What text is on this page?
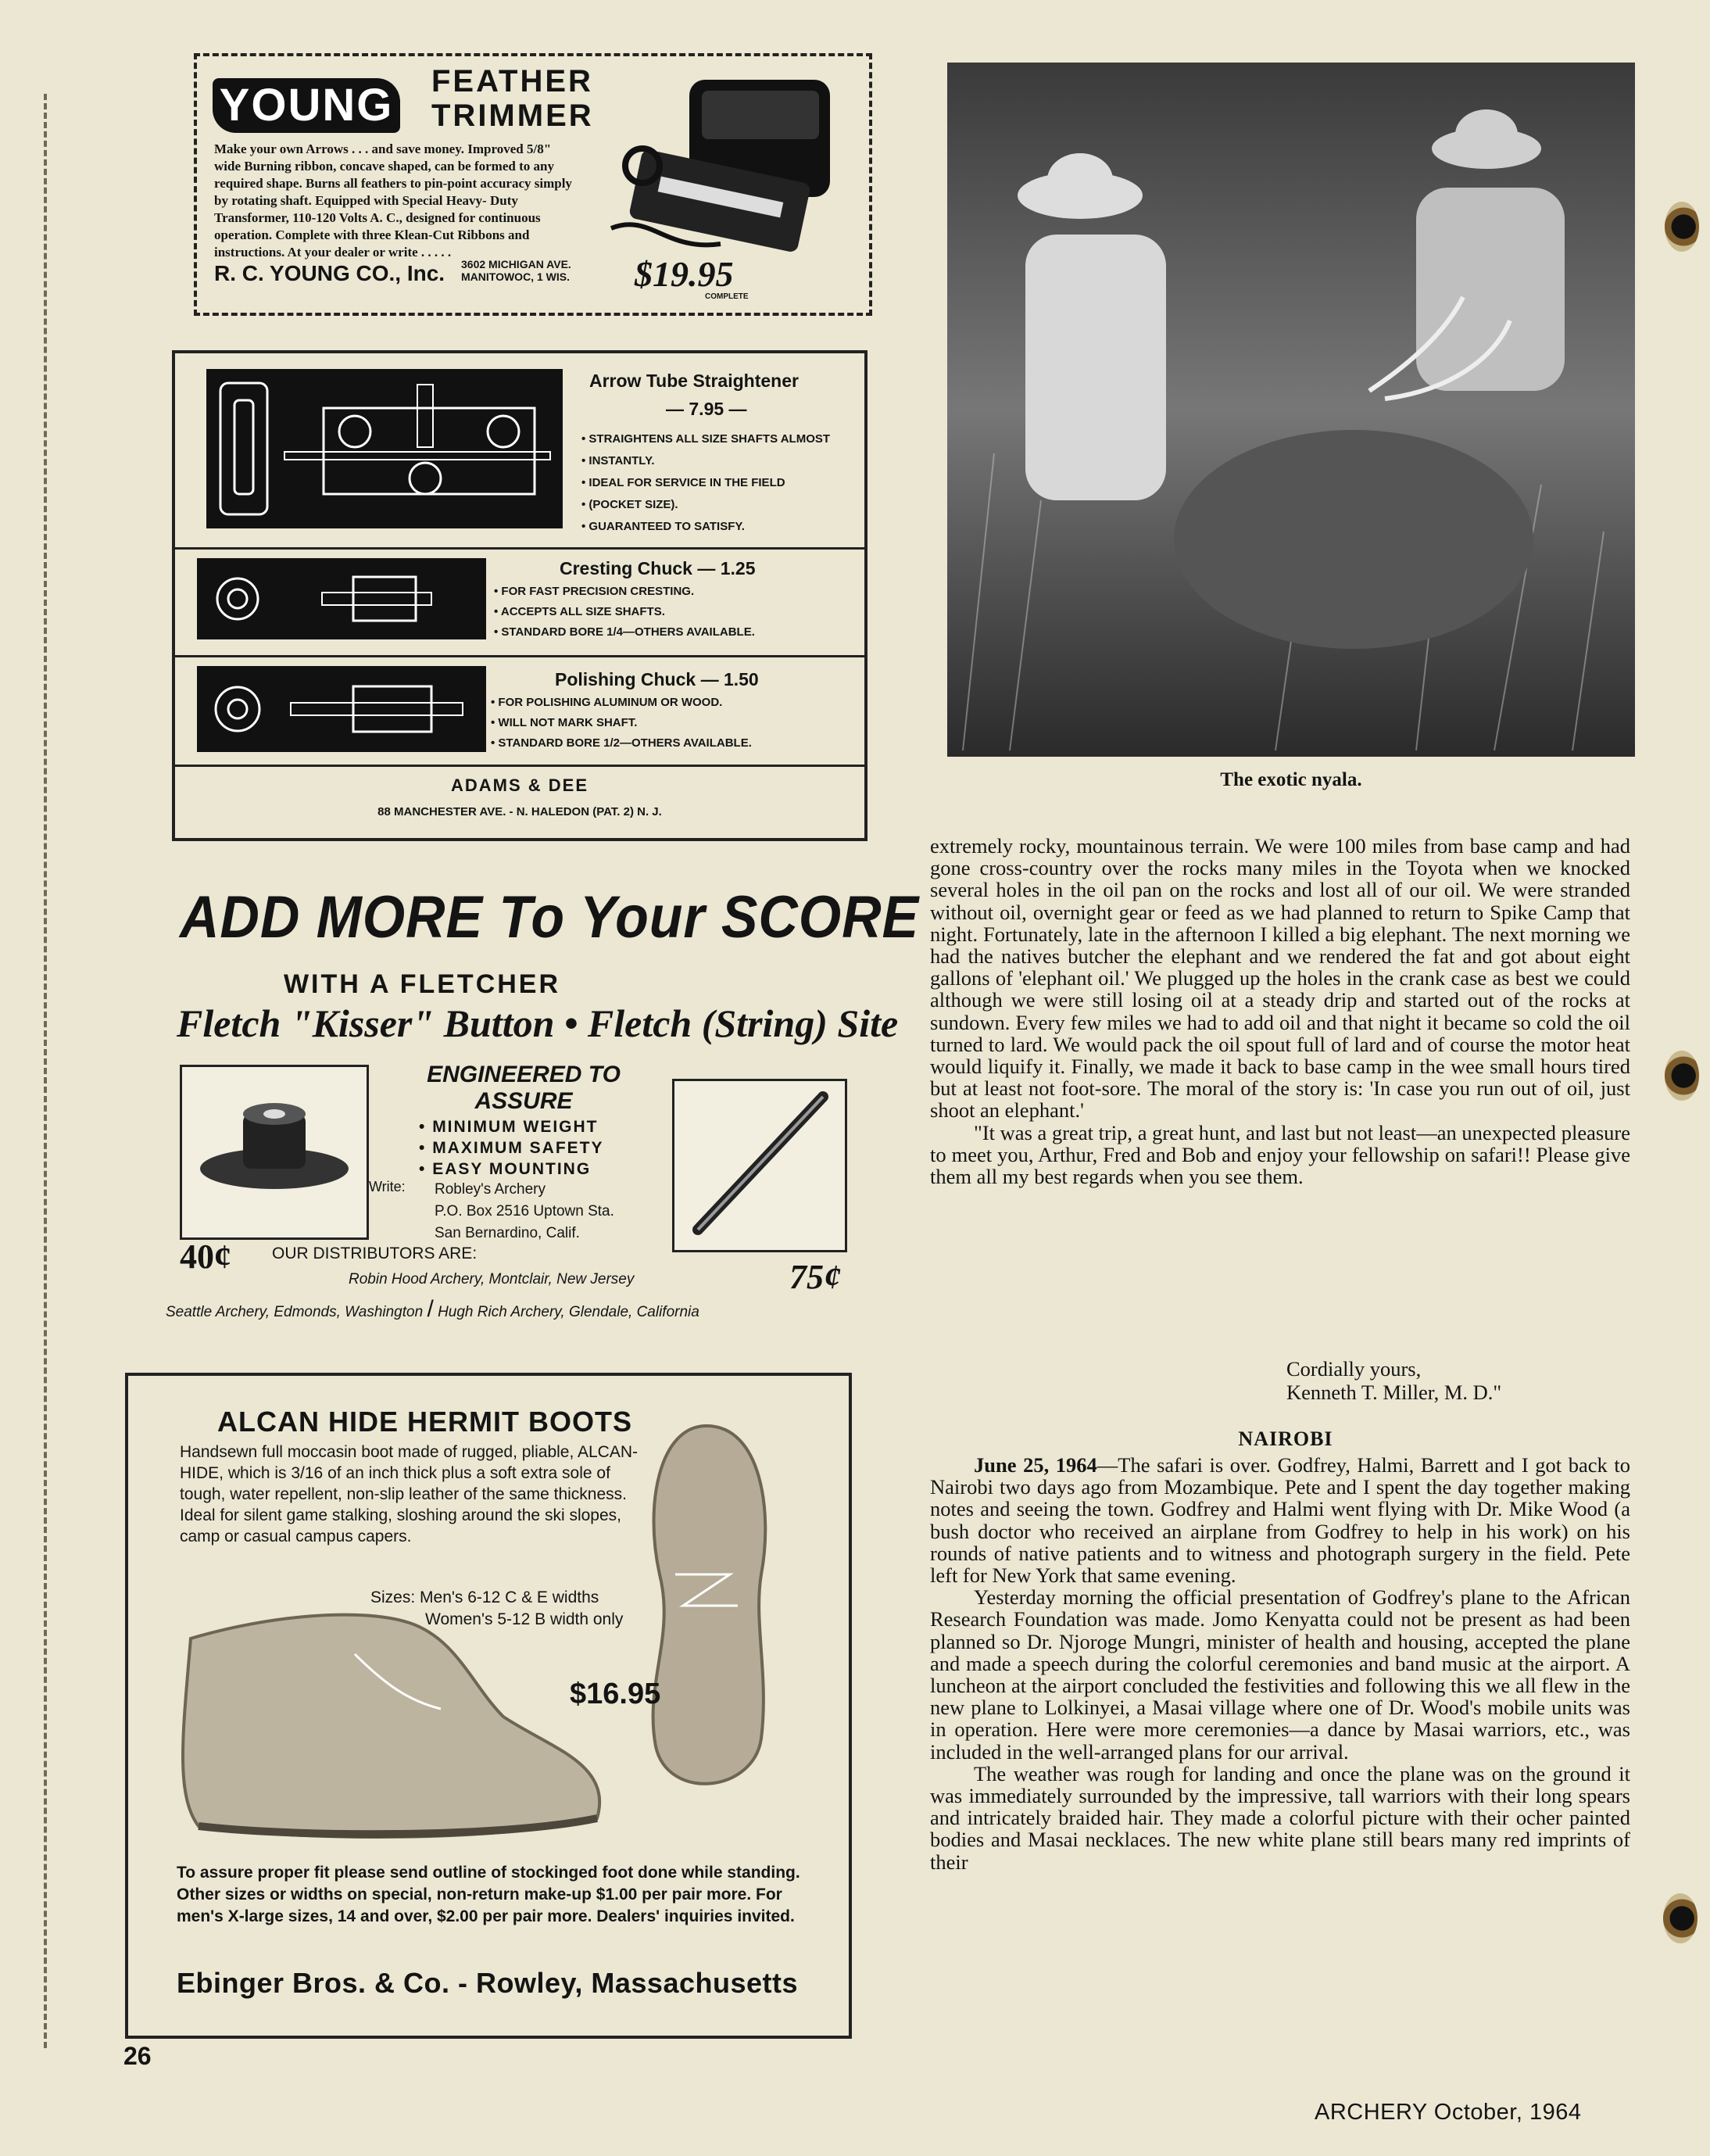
YOUNG FEATHER
TRIMMER
Make your own Arrows . . . and save money. Improved 5/8" wide Burning ribbon, concave shaped, can be formed to any required shape. Burns all feathers to pin-point accuracy simply by rotating shaft. Equipped with Special Heavy- Duty Transformer, 110-120 Volts A. C., designed for continuous operation. Complete with three Klean-Cut Ribbons and instructions. At your dealer or write . . . . .
R. C. YOUNG CO., Inc. 3602 MICHIGAN AVE.
MANITOWOC, 1 WIS. $19.95
COMPLETE
Arrow Tube Straightener
— 7.95 —
• STRAIGHTENS ALL SIZE SHAFTS ALMOST
• INSTANTLY.
• IDEAL FOR SERVICE IN THE FIELD
• (POCKET SIZE).
• GUARANTEED TO SATISFY.
Cresting Chuck — 1.25
• FOR FAST PRECISION CRESTING.
• ACCEPTS ALL SIZE SHAFTS.
• STANDARD BORE 1/4—OTHERS AVAILABLE.
Polishing Chuck — 1.50
• FOR POLISHING ALUMINUM OR WOOD.
• WILL NOT MARK SHAFT.
• STANDARD BORE 1/2—OTHERS AVAILABLE.
ADAMS & DEE
88 MANCHESTER AVE. - N. HALEDON (PAT. 2) N. J.
ADD MORE To Your SCORE
WITH A FLETCHER
Fletch "Kisser" Button • Fletch (String) Site
ENGINEERED TO ASSURE
• MINIMUM WEIGHT
• MAXIMUM SAFETY
• EASY MOUNTING
Write: Robley's Archery
P.O. Box 2516 Uptown Sta.
San Bernardino, Calif.
40¢
75¢
OUR DISTRIBUTORS ARE:
Robin Hood Archery, Montclair, New Jersey
Seattle Archery, Edmonds, Washington / Hugh Rich Archery, Glendale, California
ALCAN HIDE HERMIT BOOTS
Handsewn full moccasin boot made of rugged, pliable, ALCAN-HIDE, which is 3/16 of an inch thick plus a soft extra sole of tough, water repellent, non-slip leather of the same thickness. Ideal for silent game stalking, sloshing around the ski slopes, camp or casual campus capers.
Sizes: Men's 6-12 C & E widths
Women's 5-12 B width only
$16.95
To assure proper fit please send outline of stockinged foot done while standing. Other sizes or widths on special, non-return make-up $1.00 per pair more. For men's X-large sizes, 14 and over, $2.00 per pair more. Dealers' inquiries invited.
Ebinger Bros. & Co. - Rowley, Massachusetts
The exotic nyala.

extremely rocky, mountainous terrain. We were 100 miles from base camp and had gone cross-country over the rocks many miles in the Toyota when we knocked several holes in the oil pan on the rocks and lost all of our oil. We were stranded without oil, overnight gear or feed as we had planned to return to Spike Camp that night. Fortunately, late in the afternoon I killed a big elephant. The next morning we had the natives butcher the elephant and we rendered the fat and got about eight gallons of 'elephant oil.' We plugged up the holes in the crank case as best we could although we were still losing oil at a steady drip and started out of the rocks at sundown. Every few miles we had to add oil and that night it became so cold the oil turned to lard. We would pack the oil spout full of lard and of course the motor heat would liquify it. Finally, we made it back to base camp in the wee small hours tired but at least not foot-sore. The moral of the story is: 'In case you run out of oil, just shoot an elephant.'

"It was a great trip, a great hunt, and last but not least—an unexpected pleasure to meet you, Arthur, Fred and Bob and enjoy your fellowship on safari!! Please give them all my best regards when you see them.

Cordially yours,
Kenneth T. Miller, M. D."
NAIROBI

June 25, 1964—The safari is over. Godfrey, Halmi, Barrett and I got back to Nairobi two days ago from Mozambique. Pete and I spent the day together making notes and seeing the town. Godfrey and Halmi went flying with Dr. Mike Wood (a bush doctor who received an airplane from Godfrey to help in his work) on his rounds of native patients and to witness and photograph surgery in the field. Pete left for New York that same evening.

Yesterday morning the official presentation of Godfrey's plane to the African Research Foundation was made. Jomo Kenyatta could not be present as had been planned so Dr. Njoroge Mungri, minister of health and housing, accepted the plane and made a speech during the colorful ceremonies and band music at the airport. A luncheon at the airport concluded the festivities and following this we all flew in the new plane to Lolkinyei, a Masai village where one of Dr. Wood's mobile units was in operation. Here were more ceremonies—a dance by Masai warriors, etc., was included in the well-arranged plans for our arrival.

The weather was rough for landing and once the plane was on the ground it was immediately surrounded by the impressive, tall warriors with their long spears and intricately braided hair. They made a colorful picture with their ocher painted bodies and Masai necklaces. The new white plane still bears many red imprints of their

26
ARCHERY October, 1964
